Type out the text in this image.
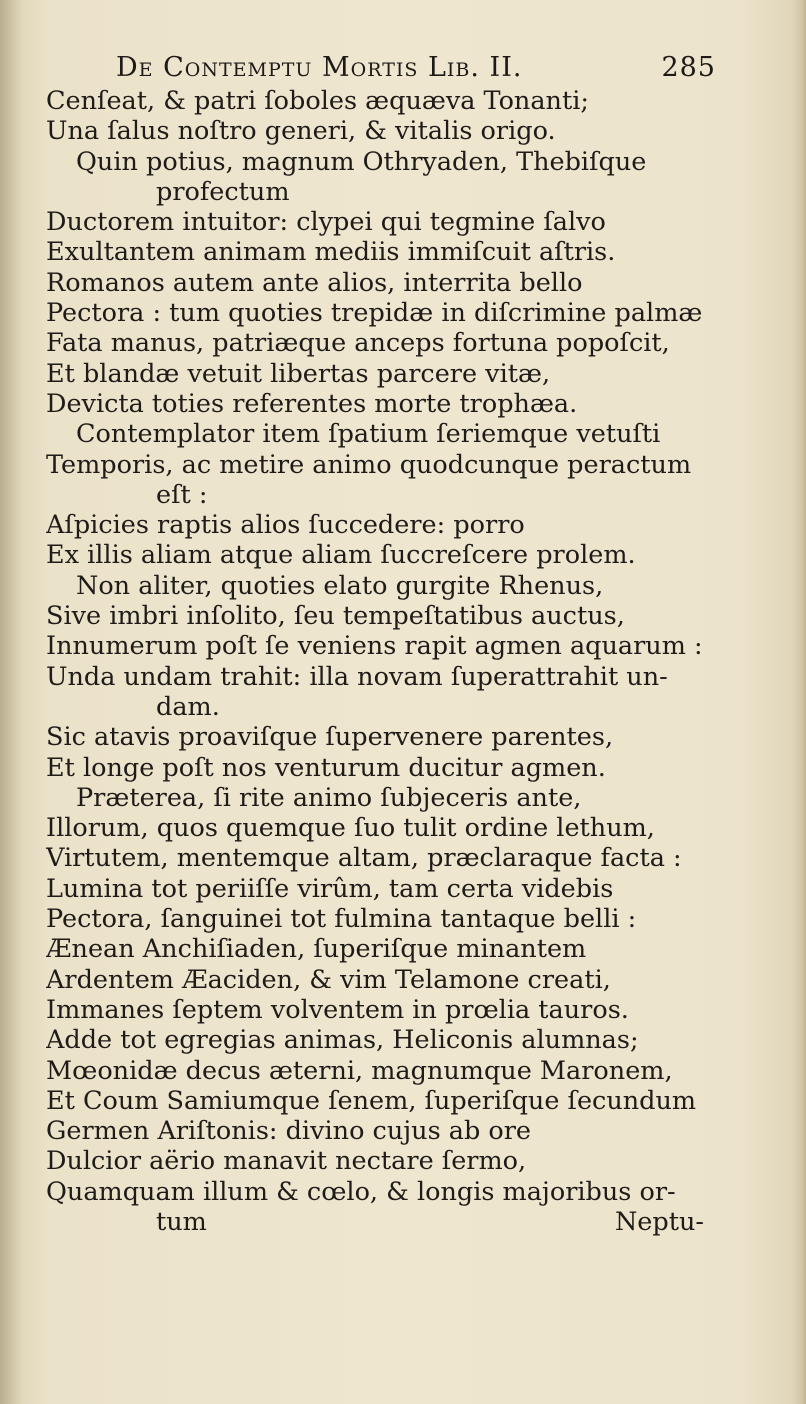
De Contemptu Mortis Lib. II.	285
Cenſeat, & patri ſoboles æquæva Tonanti;
Una ſalus noſtro generi, & vitalis origo.
Quin potius, magnum Othryaden, Thebiſque
profectum
Ductorem intuitor: clypei qui tegmine ſalvo
Exultantem animam mediis immiſcuit aſtris.
Romanos autem ante alios, interrita bello
Pectora : tum quoties trepidæ in diſcrimine palmæ
Fata manus, patriæque anceps fortuna popoſcit,
Et blandæ vetuit libertas parcere vitæ,
Devicta toties referentes morte trophæa.
Contemplator item ſpatium ſeriemque vetuſti
Temporis, ac metire animo quodcunque peractum
eſt :
Aſpicies raptis alios ſuccedere: porro
Ex illis aliam atque aliam ſuccreſcere prolem.
Non aliter, quoties elato gurgite Rhenus,
Sive imbri inſolito, ſeu tempeſtatibus auctus,
Innumerum poſt ſe veniens rapit agmen aquarum :
Unda undam trahit: illa novam ſuperattrahit un-
dam.
Sic atavis proaviſque ſupervenere parentes,
Et longe poſt nos venturum ducitur agmen.
Præterea, ſi rite animo ſubjeceris ante,
Illorum, quos quemque ſuo tulit ordine lethum,
Virtutem, mentemque altam, præclaraque facta :
Lumina tot periiſſe virûm, tam certa videbis
Pectora, ſanguinei tot fulmina tantaque belli :
Ænean Anchiſiaden, ſuperiſque minantem
Ardentem Æaciden, & vim Telamone creati,
Immanes ſeptem volventem in prœlia tauros.
Adde tot egregias animas, Heliconis alumnas;
Mœonidæ decus æterni, magnumque Maronem,
Et Coum Samiumque ſenem, ſuperiſque ſecundum
Germen Ariſtonis: divino cujus ab ore
Dulcior aërio manavit nectare ſermo,
Quamquam illum & cœlo, & longis majoribus or-
tum	Neptu-
